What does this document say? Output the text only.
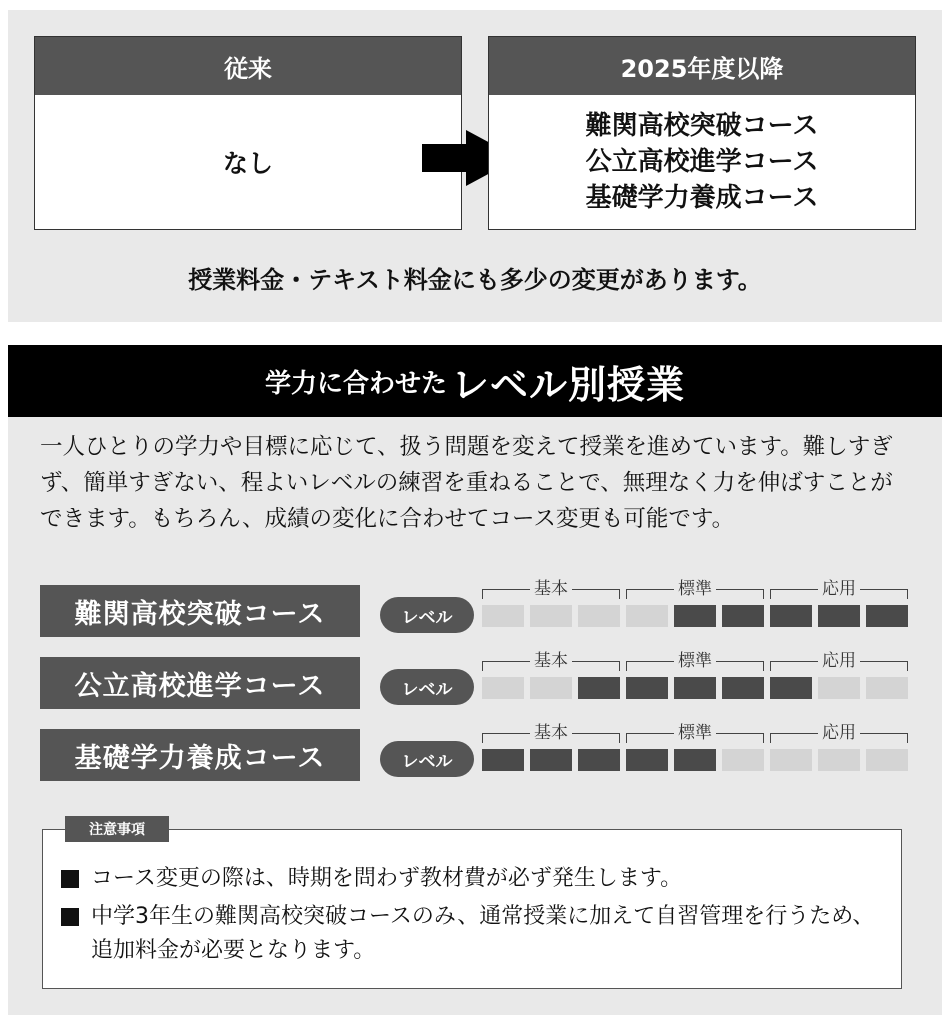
従来
なし
2025年度以降
難関高校突破コース
公立高校進学コース
基礎学力養成コース
授業料金・テキスト料金にも多少の変更があります。
学力に合わせた レベル別授業
一人ひとりの学力や目標に応じて、扱う問題を変えて授業を進めています。難しすぎず、簡単すぎない、程よいレベルの練習を重ねることで、無理なく力を伸ばすことができます。もちろん、成績の変化に合わせてコース変更も可能です。
難関高校突破コース	レベル
基本	標準	応用
公立高校進学コース	レベル
基本	標準	応用
基礎学力養成コース	レベル
基本	標準	応用
注意事項
コース変更の際は、時期を問わず教材費が必ず発生します。
中学3年生の難関高校突破コースのみ、通常授業に加えて自習管理を行うため、追加料金が必要となります。
